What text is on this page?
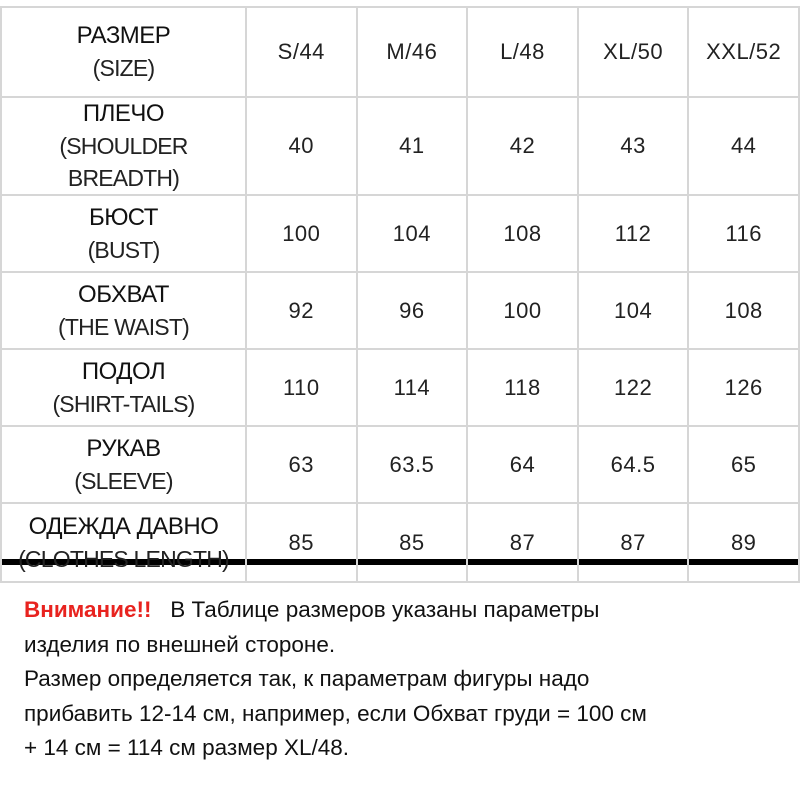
РАЗМЕР
(SIZE)	S/44	M/46	L/48	XL/50	XXL/52

ПЛЕЧО
(SHOULDER BREADTH)	40	41	42	43	44

БЮСТ
(BUST)	100	104	108	112	116

ОБХВАТ
(THE WAIST)	92	96	100	104	108

ПОДОЛ
(SHIRT-TAILS)	110	114	118	122	126

РУКАВ
(SLEEVE)	63	63.5	64	64.5	65

ОДЕЖДА ДАВНО
(CLOTHES LENGTH)	85	85	87	87	89

Внимание!! В Таблице размеров указаны параметры

изделия по внешней стороне.

Размер определяется так, к параметрам фигуры надо

прибавить 12-14 см, например, если Обхват груди = 100 см

+ 14 см = 114 см размер XL/48.
